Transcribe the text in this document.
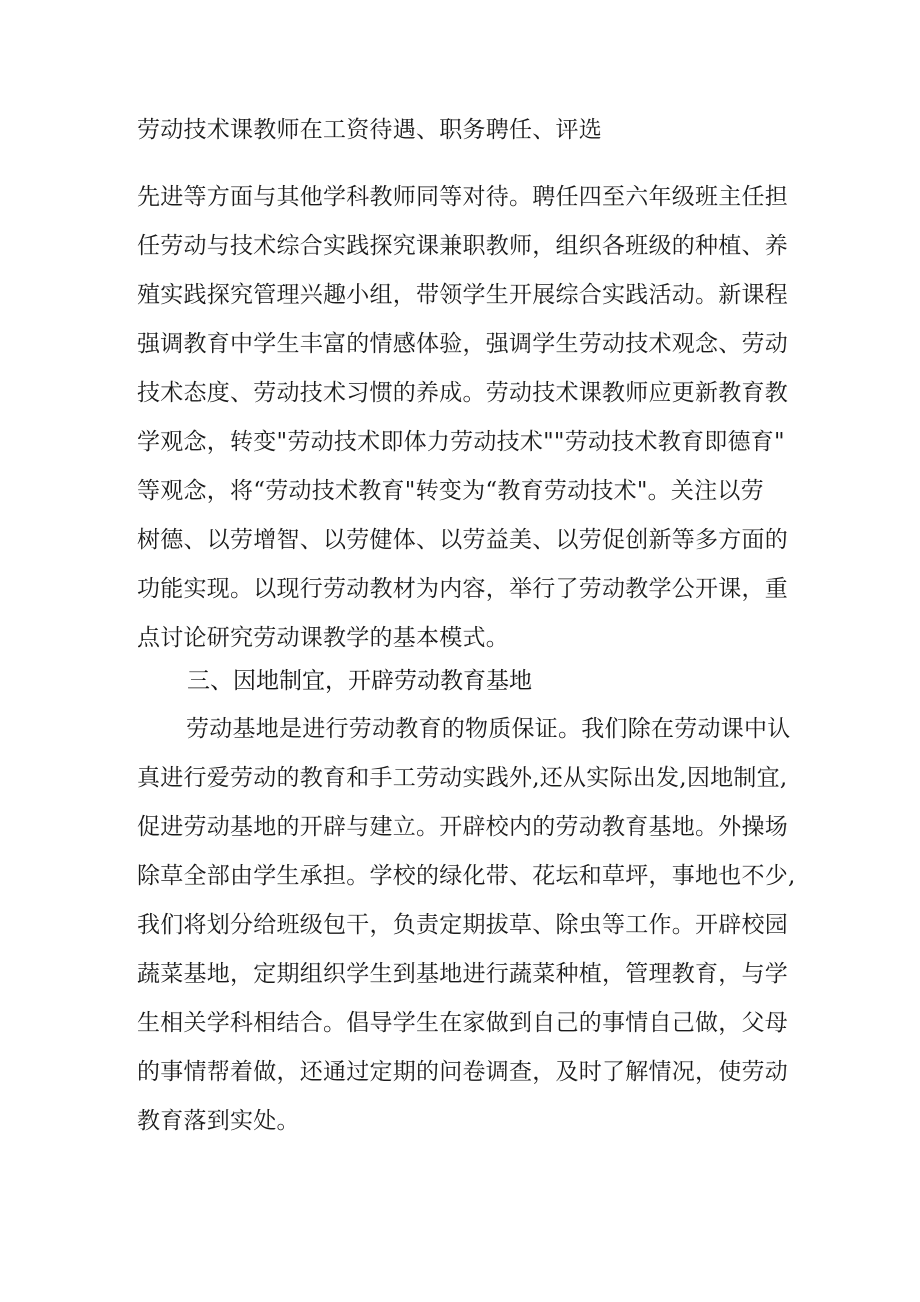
劳动技术课教师在工资待遇、职务聘任、评选
先进等方面与其他学科教师同等对待。聘任四至六年级班主任担
任劳动与技术综合实践探究课兼职教师，组织各班级的种植、养
殖实践探究管理兴趣小组，带领学生开展综合实践活动。新课程
强调教育中学生丰富的情感体验，强调学生劳动技术观念、劳动
技术态度、劳动技术习惯的养成。劳动技术课教师应更新教育教
学观念，转变"劳动技术即体力劳动技术""劳动技术教育即德育"
等观念，将“劳动技术教育"转变为“教育劳动技术"。关注以劳
树德、以劳增智、以劳健体、以劳益美、以劳促创新等多方面的
功能实现。以现行劳动教材为内容，举行了劳动教学公开课，重
点讨论研究劳动课教学的基本模式。
三、因地制宜，开辟劳动教育基地
劳动基地是进行劳动教育的物质保证。我们除在劳动课中认
真进行爱劳动的教育和手工劳动实践外,还从实际出发,因地制宜,
促进劳动基地的开辟与建立。开辟校内的劳动教育基地。外操场
除草全部由学生承担。学校的绿化带、花坛和草坪，事地也不少,
我们将划分给班级包干，负责定期拔草、除虫等工作。开辟校园
蔬菜基地，定期组织学生到基地进行蔬菜种植，管理教育，与学
生相关学科相结合。倡导学生在家做到自己的事情自己做，父母
的事情帮着做，还通过定期的问卷调查，及时了解情况，使劳动
教育落到实处。
